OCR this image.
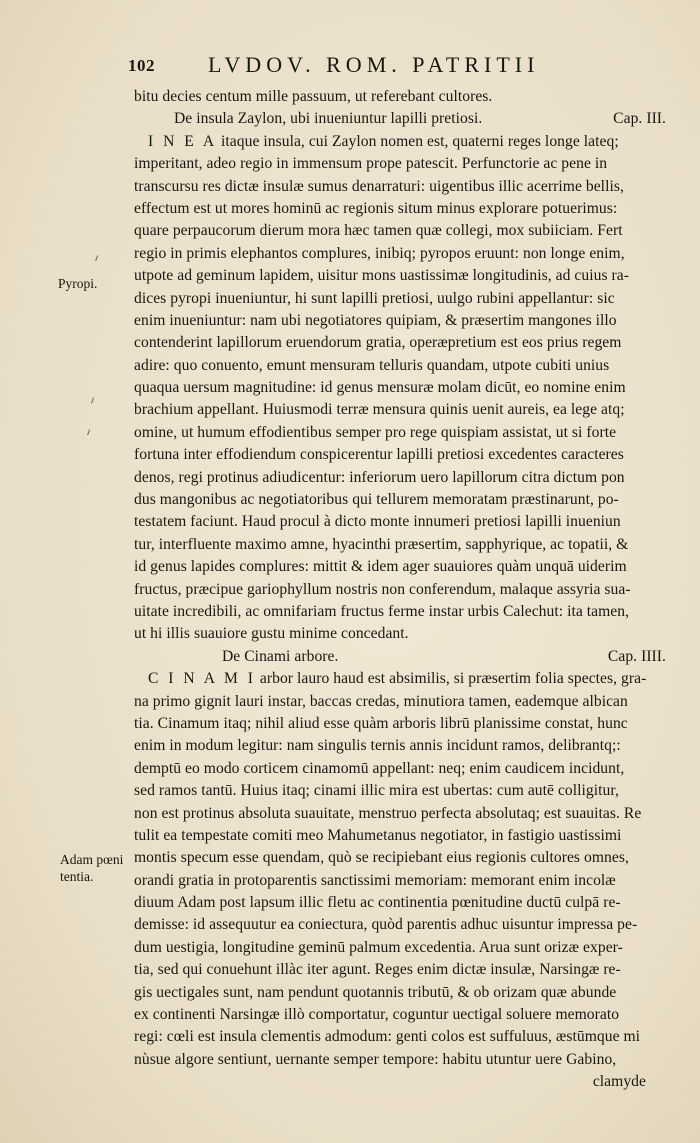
102 LVDOV. ROM. PATRITII
Pyropi.
Adam pœni
tentia.
bitu decies centum mille passuum, ut referebant cultores.
De insula Zaylon, ubi inueniuntur lapilli pretiosi.	Cap. III.
I N E A itaque insula, cui Zaylon nomen est, quaterni reges longe lateq;
imperitant, adeo regio in immensum prope patescit. Perfunctorie ac pene in
transcursu res dictæ insulæ sumus denarraturi: uigentibus illic acerrime bellis,
effectum est ut mores hominū ac regionis situm minus explorare potuerimus:
quare perpaucorum dierum mora hæc tamen quæ collegi, mox subiiciam. Fert
regio in primis elephantos complures, inibiq; pyropos eruunt: non longe enim,
utpote ad geminum lapidem, uisitur mons uastissimæ longitudinis, ad cuius ra-
dices pyropi inueniuntur, hi sunt lapilli pretiosi, uulgo rubini appellantur: sic
enim inueniuntur: nam ubi negotiatores quipiam, & præsertim mangones illo
contenderint lapillorum eruendorum gratia, operæpretium est eos prius regem
adire: quo conuento, emunt mensuram telluris quandam, utpote cubiti unius
quaqua uersum magnitudine: id genus mensuræ molam dicūt, eo nomine enim
brachium appellant. Huiusmodi terræ mensura quinis uenit aureis, ea lege atq;
omine, ut humum effodientibus semper pro rege quispiam assistat, ut si forte
fortuna inter effodiendum conspicerentur lapilli pretiosi excedentes caracteres
denos, regi protinus adiudicentur: inferiorum uero lapillorum citra dictum pon
dus mangonibus ac negotiatoribus qui tellurem memoratam præstinarunt, po-
testatem faciunt. Haud procul à dicto monte innumeri pretiosi lapilli inueniun
tur, interfluente maximo amne, hyacinthi præsertim, sapphyrique, ac topatii, &
id genus lapides complures: mittit & idem ager suauiores quàm unquā uiderim
fructus, præcipue gariophyllum nostris non conferendum, malaque assyria sua-
uitate incredibili, ac omnifariam fructus ferme instar urbis Calechut: ita tamen,
ut hi illis suauiore gustu minime concedant.
De Cinami arbore.	Cap. IIII.
C I N A M I arbor lauro haud est absimilis, si præsertim folia spectes, gra-
na primo gignit lauri instar, baccas credas, minutiora tamen, eademque albican
tia. Cinamum itaq; nihil aliud esse quàm arboris librū planissime constat, hunc
enim in modum legitur: nam singulis ternis annis incidunt ramos, delibrantq;:
demptū eo modo corticem cinamomū appellant: neq; enim caudicem incidunt,
sed ramos tantū. Huius itaq; cinami illic mira est ubertas: cum autē colligitur,
non est protinus absoluta suauitate, menstruo perfecta absolutaq; est suauitas. Re
tulit ea tempestate comiti meo Mahumetanus negotiator, in fastigio uastissimi
montis specum esse quendam, quò se recipiebant eius regionis cultores omnes,
orandi gratia in protoparentis sanctissimi memoriam: memorant enim incolæ
diuum Adam post lapsum illic fletu ac continentia pœnitudine ductū culpā re-
demisse: id assequutur ea coniectura, quòd parentis adhuc uisuntur impressa pe-
dum uestigia, longitudine geminū palmum excedentia. Arua sunt orizæ exper-
tia, sed qui conuehunt illàc iter agunt. Reges enim dictæ insulæ, Narsingæ re-
gis uectigales sunt, nam pendunt quotannis tributū, & ob orizam quæ abunde
ex continenti Narsingæ illò comportatur, coguntur uectigal soluere memorato
regi: cœli est insula clementis admodum: genti colos est suffuluus, æstūmque mi
nùsue algore sentiunt, uernante semper tempore: habitu utuntur uere Gabino,
clamyde
